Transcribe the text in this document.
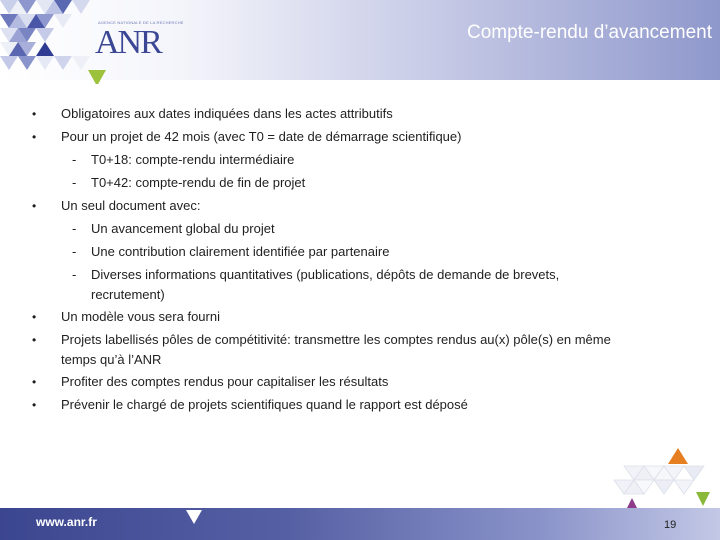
AGENCE NATIONALE DE LA RECHERCHE
ANR	Compte-rendu d’avancement
• Obligatoires aux dates indiquées dans les actes attributifs
• Pour un projet de 42 mois (avec T0 = date de démarrage scientifique)
- T0+18: compte-rendu intermédiaire
- T0+42: compte-rendu de fin de projet
• Un seul document avec:
- Un avancement global du projet
- Une contribution clairement identifiée par partenaire
- Diverses informations quantitatives (publications, dépôts de demande de brevets,
recrutement)
• Un modèle vous sera fourni
• Projets labellisés pôles de compétitivité: transmettre les comptes rendus au(x) pôle(s) en même
temps qu’à l’ANR
• Profiter des comptes rendus pour capitaliser les résultats
• Prévenir le chargé de projets scientifiques quand le rapport est déposé
www.anr.fr	19
